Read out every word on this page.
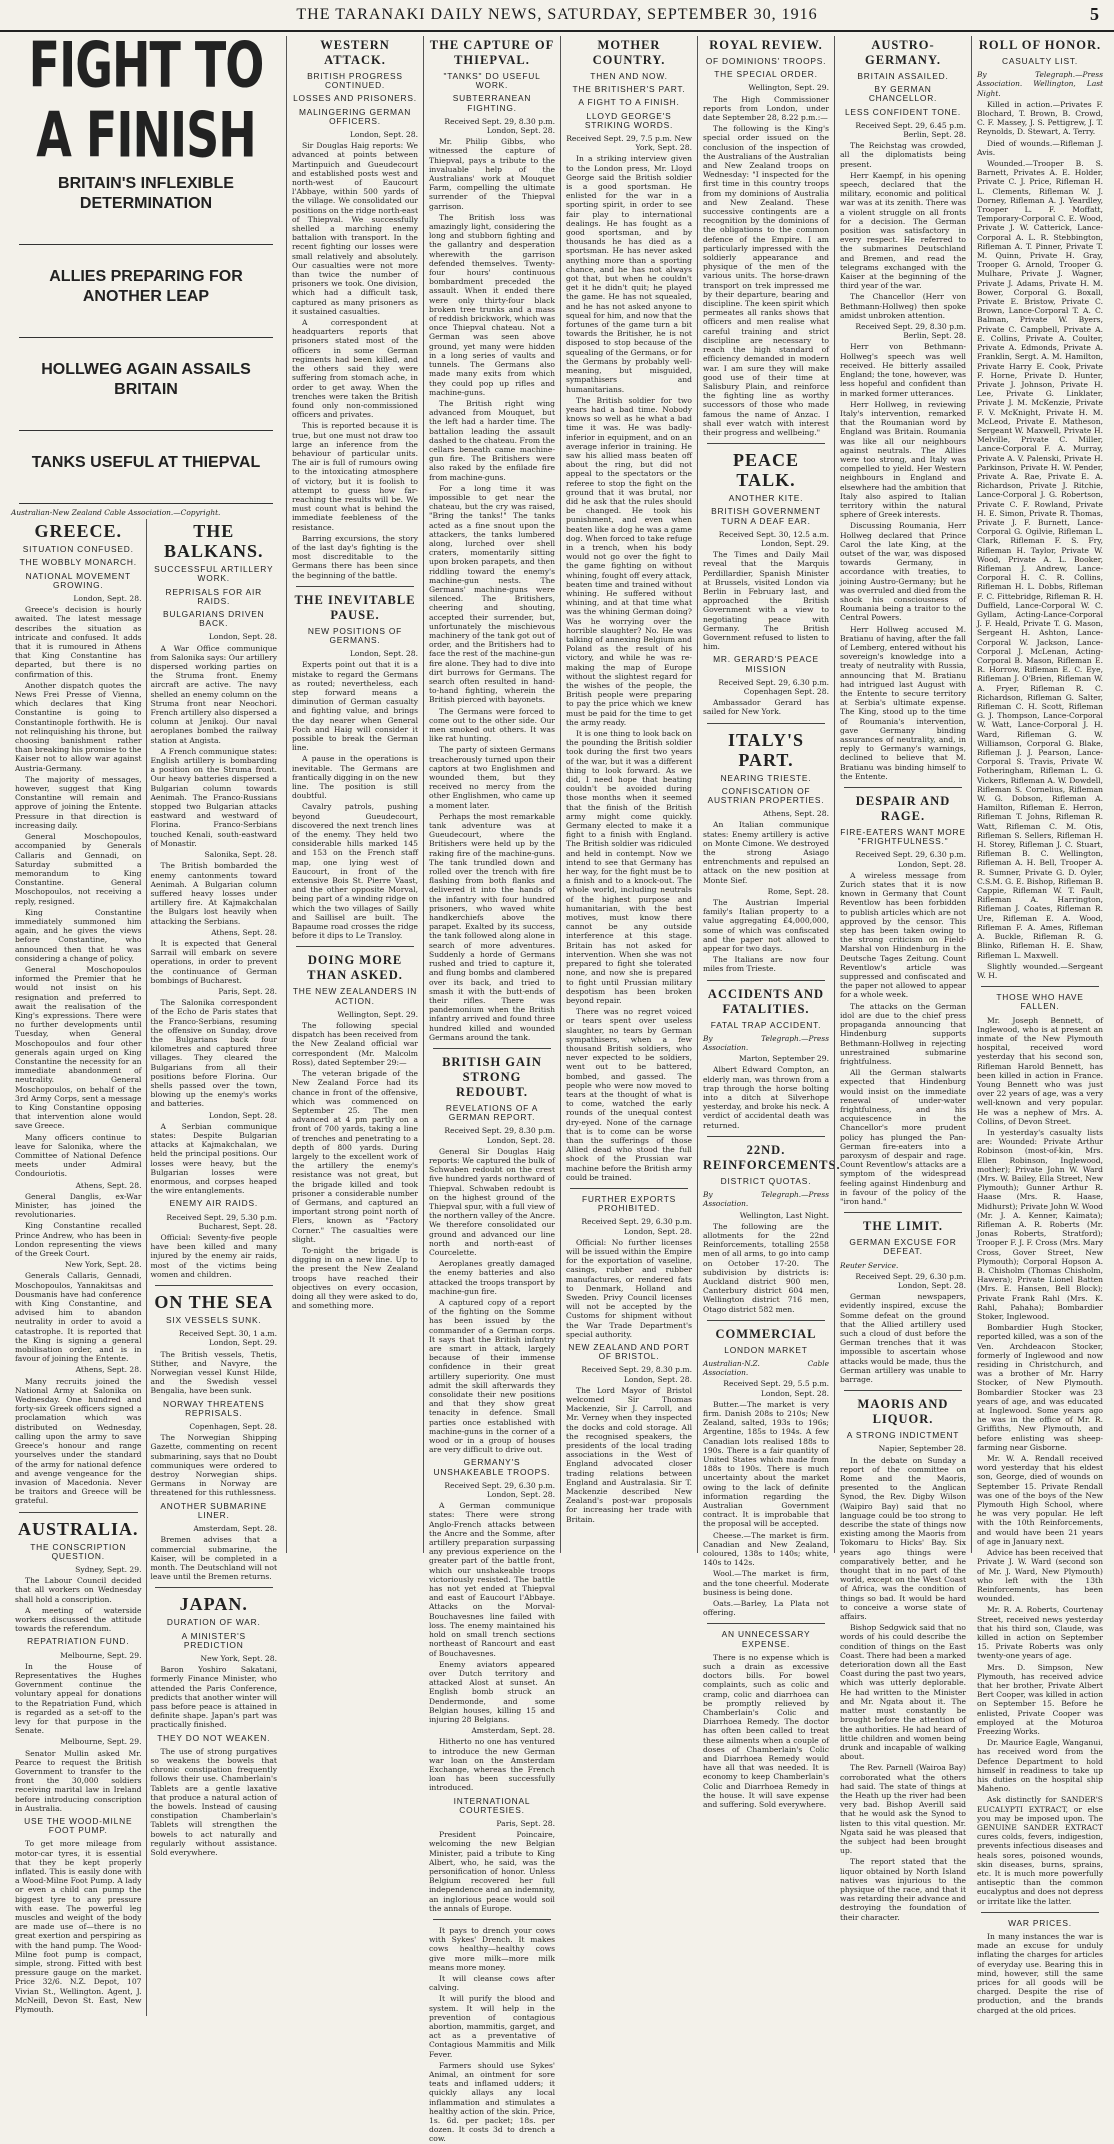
THE TARANAKI DAILY NEWS, SATURDAY, SEPTEMBER 30, 1916	5
FIGHT TO A FINISH
BRITAIN'S INFLEXIBLE DETERMINATION
ALLIES PREPARING FOR ANOTHER LEAP
HOLLWEG AGAIN ASSAILS BRITAIN
TANKS USEFUL AT THIEPVAL
Australian-New Zealand Cable Association.—Copyright.
GREECE.
SITUATION CONFUSED.
THE WOBBLY MONARCH.
NATIONAL MOVEMENT GROWING.
London, Sept. 28.

Greece's decision is hourly awaited. The latest message describes the situation as intricate and confused. It adds that it is rumoured in Athens that King Constantine has departed, but there is no confirmation of this.

Another dispatch quotes the News Frei Presse of Vienna, which declares that King Constantine is going to Constantinople forthwith. He is not relinquishing his throne, but choosing banishment rather than breaking his promise to the Kaiser not to allow war against Austria-Germany.

The majority of messages, however, suggest that King Constantine will remain and approve of joining the Entente. Pressure in that direction is increasing daily.

General Moschopoulos, accompanied by Generals Callaris and Gennadi, on Saturday submitted a memorandum to King Constantine. General Moschopoulos, not receiving a reply, resigned.

King Constantine immediately summoned him again, and he gives the views before Constantine, who announced then that he was considering a change of policy.

General Moschopoulos informed the Premier that he would not insist on his resignation and preferred to await the realisation of the King's expressions. There were no further developments until Tuesday, when General Moschopoulos and four other generals again urged on King Constantine the necessity for an immediate abandonment of neutrality. General Moschopoulos, on behalf of the 3rd Army Corps, sent a message to King Constantine opposing that intervention alone would save Greece.

Many officers continue to leave for Salonika, where the Committee of National Defence meets under Admiral Condouriotis.

Athens, Sept. 28.

General Danglis, ex-War Minister, has joined the revolutionaries.

King Constantine recalled Prince Andrew, who has been in London representing the views of the Greek Court.

New York, Sept. 28.

Generals Callaris, Gennadi, Moschopoulos, Yannakitsas and Dousmanis have had conference with King Constantine, and advised him to abandon neutrality in order to avoid a catastrophe. It is reported that the King is signing a general mobilisation order, and is in favour of joining the Entente.

Athens, Sept. 28.

Many recruits joined the National Army at Salonika on Wednesday. One hundred and forty-six Greek officers signed a proclamation which was distributed on Wednesday, calling upon the army to save Greece's honour and range yourselves under the standard of the army for national defence and avenge vengeance for the invasion of Macedonia. Never be traitors and Greece will be grateful.

AUSTRALIA.
THE CONSCRIPTION QUESTION.
Sydney, Sept. 29.

The Labour Council decided that all workers on Wednesday shall hold a conscription.

A meeting of waterside workers discussed the attitude towards the referendum.

REPATRIATION FUND.
Melbourne, Sept. 29.

In the House of Representatives the Hughes Government continue the voluntary appeal for donations to the Repatriation Fund, which is regarded as a set-off to the levy for that purpose in the Senate.

Melbourne, Sept. 29.

Senator Mullin asked Mr. Pearce to request the British Government to transfer to the front the 30,000 soldiers receiving marital law in Ireland before introducing conscription in Australia.

USE THE WOOD-MILNE FOOT PUMP.

To get more mileage from motor-car tyres, it is essential that they be kept properly inflated. This is easily done with a Wood-Milne Foot Pump. A lady or even a child can pump the biggest tyre to any pressure with ease. The powerful leg muscles and weight of the body are made use of—there is no great exertion and perspiring as with the hand pump. The Wood-Milne foot pump is compact, simple, strong. Fitted with best pressure gauge on the market. Price 32/6. N.Z. Depot, 107 Vivian St., Wellington. Agent, J. McNeill, Devon St. East, New Plymouth.

THE BALKANS.
SUCCESSFUL ARTILLERY WORK.
REPRISALS FOR AIR RAIDS.
BULGARIANS DRIVEN BACK.
London, Sept. 28.

A War Office communique from Salonika says: Our artillery dispersed working parties on the Struma front. Enemy aircraft are active. The navy shelled an enemy column on the Struma front near Neochori. French artillery also dispersed a column at Jenikoj. Our naval aeroplanes bombed the railway station at Angista.

A French communique states: English artillery is bombarding a position on the Struma front. Our heavy batteries dispersed a Bulgarian column towards Aenimah. The Franco-Russians stopped two Bulgarian attacks eastward and westward of Florina. Franco-Serbians touched Kenali, south-eastward of Monastir.

Salonika, Sept. 28.

The British bombarded the enemy cantonments toward Aenimah. A Bulgarian column suffered heavy losses under artillery fire. At Kajmakchalan the Bulgars lost heavily when attacking the Serbians.

Athens, Sept. 28.

It is expected that General Sarrail will embark on severe operations, in order to prevent the continuance of German bombings of Bucharest.

Paris, Sept. 28.

The Salonika correspondent of the Echo de Paris states that the Franco-Serbians, resuming the offensive on Sunday, drove the Bulgarians back four kilometres and captured three villages. They cleared the Bulgarians from all their positions before Florina. Our shells passed over the town, blowing up the enemy's works and batteries.

London, Sept. 28.

A Serbian communique states: Despite Bulgarian attacks at Kajmakchalan, we held the principal positions. Our losses were heavy, but the Bulgarian losses were enormous, and corpses heaped the wire entanglements.

ENEMY AIR RAIDS.
Received Sept. 29, 5.30 p.m. Bucharest, Sept. 28.

Official: Seventy-five people have been killed and many injured by the enemy air raids, most of the victims being women and children.

ON THE SEA
SIX VESSELS SUNK.
Received Sept. 30, 1 a.m. London, Sept. 29.

The British vessels, Thetis, Stither, and Navyre, the Norwegian vessel Kunst Hilde, and the Swedish vessel Bengalia, have been sunk.

NORWAY THREATENS REPRISALS.
Copenhagen, Sept. 28.

The Norwegian Shipping Gazette, commenting on recent submarining, says that no Doubt communiques were ordered to destroy Norwegian ships. Germans in Norway are threatened for this ruthlessness.

ANOTHER SUBMARINE LINER.
Amsterdam, Sept. 28.

Bremen advises that a commercial submarine, the Kaiser, will be completed in a month. The Deutschland will not leave until the Bremen returns.

JAPAN.
DURATION OF WAR.
A MINISTER'S PREDICTION
New York, Sept. 28.

Baron Yoshiro Sakatani, formerly Finance Minister, who attended the Paris Conference, predicts that another winter will pass before peace is attained in definite shape. Japan's part was practically finished.

THEY DO NOT WEAKEN.

The use of strong purgatives so weakens the bowels that chronic constipation frequently follows their use. Chamberlain's Tablets are a gentle laxative that produce a natural action of the bowels. Instead of causing constipation Chamberlain's Tablets will strengthen the bowels to act naturally and regularly without assistance. Sold everywhere.

WESTERN ATTACK.
BRITISH PROGRESS CONTINUED.
LOSSES AND PRISONERS.
MALINGERING GERMAN OFFICERS.
London, Sept. 28.

Sir Douglas Haig reports: We advanced at points between Martinpuich and Gueudecourt and established posts west and north-west of Eaucourt l'Abbaye, within 500 yards of the village. We consolidated our positions on the ridge north-east of Thiepval. We successfully shelled a marching enemy battalion with transport. In the recent fighting our losses were small relatively and absolutely. Our casualties were not more than twice the number of prisoners we took. One division, which had a difficult task, captured as many prisoners as it sustained casualties.

A correspondent at headquarters reports that prisoners stated most of the officers in some German regiments had been killed, and the others said they were suffering from stomach ache, in order to get away. When the trenches were taken the British found only non-commissioned officers and privates.

This is reported because it is true, but one must not draw too large an inference from the behaviour of particular units. The air is full of rumours owing to the intoxicating atmosphere of victory, but it is foolish to attempt to guess how far-reaching the results will be. We must count what is behind the immediate feebleness of the resistance.

Barring excursions, the story of the last day's fighting is the most discreditable to the Germans there has been since the beginning of the battle.

THE INEVITABLE PAUSE.
NEW POSITIONS OF GERMANS.
London, Sept. 28.

Experts point out that it is a mistake to regard the Germans as routed; nevertheless, each step forward means a diminution of German casualty and fighting value, and brings the day nearer when General Foch and Haig will consider it possible to break the German line.

A pause in the operations is inevitable. The Germans are frantically digging in on the new line. The position is still doubtful.

Cavalry patrols, pushing beyond Gueudecourt, discovered the next trench lines of the enemy. They held two considerable hills marked 145 and 153 on the French staff map, one lying west of Eaucourt, in front of the extensive Bois St. Pierre Vaast, and the other opposite Morval, being part of a winding ridge on which the two villages of Sailly and Saillisel are built. The Bapaume road crosses the ridge before it dips to Le Transloy.

DOING MORE THAN ASKED.
THE NEW ZEALANDERS IN ACTION.
Wellington, Sept. 29.

The following special dispatch has been received from the New Zealand official war correspondent (Mr. Malcolm Ross), dated September 29:—

The veteran brigade of the New Zealand Force had its chance in front of the offensive, which was commenced on September 25. The men advanced at 4 pm partly on a front of 700 yards, taking a line of trenches and penetrating to a depth of 800 yards. During largely to the excellent work of the artillery the enemy's resistance was not great, but the brigade killed and took prisoner a considerable number of Germans, and captured an important strong point north of Flers, known as "Factory Corner." The casualties were slight.

To-night the brigade is digging in on a new line. Up to the present the New Zealand troops have reached their objectives on every occasion, doing all they were asked to do, and something more.

THE CAPTURE OF THIEPVAL.
"TANKS" DO USEFUL WORK.
SUBTERRANEAN FIGHTING.
Received Sept. 29, 8.30 p.m. London, Sept. 28.

Mr. Philip Gibbs, who witnessed the capture of Thiepval, pays a tribute to the invaluable help of the Australians' work at Mouquet Farm, compelling the ultimate surrender of the Thiepval garrison.

The British loss was amazingly light, considering the long and stubborn fighting and the gallantry and desperation wherewith the garrison defended themselves. Twenty-four hours' continuous bombardment preceded the assault. When it ended there were only thirty-four black broken tree trunks and a mass of reddish brickwork, which was once Thiepval chateau. Not a German was seen above ground, yet many were hidden in a long series of vaults and tunnels. The Germans also made many exits from which they could pop up rifles and machine-guns.

The British right wing advanced from Mouquet, but the left had a harder time. The battalion leading the assault dashed to the chateau. From the cellars beneath came machine-gun fire. The Britishers were also raked by the enfilade fire from machine-guns.

For a long time it was impossible to get near the chateau, but the cry was raised, "Bring the tanks!" The tanks acted as a fine snout upon the attackers, the tanks lumbered along, lurched over shell craters, momentarily sitting upon broken parapets, and then riddling toward the enemy's machine-gun nests. The Germans' machine-guns were silenced. The Britishers, cheering and shouting, accepted their surrender, but, unfortunately the mischievous machinery of the tank got out of order, and the Britishers had to face the rest of the machine-gun fire alone. They had to dive into dirt burrows for Germans. The search often resulted in hand-to-hand fighting, wherein the British pierced with bayonets.

The Germans were forced to come out to the other side. Our men smoked out others. It was like rat hunting.

The party of sixteen Germans treacherously turned upon their captors at two Englishmen and wounded them, but they received no mercy from the other Englishmen, who came up a moment later.

Perhaps the most remarkable tank adventure was at Gueudecourt, where the Britishers were held up by the raking fire of the machine-guns. The tank trundled down and rolled over the trench with fire flashing from both flanks and delivered it into the hands of the infantry with four hundred prisoners, who waved white handkerchiefs above the parapet. Exalted by its success, the tank followed along alone in search of more adventures. Suddenly a horde of Germans rushed and tried to capture it, and flung bombs and clambered over its back, and tried to smash it with the butt-ends of their rifles. There was pandemonium when the British infantry arrived and found three hundred killed and wounded Germans around the tank.

BRITISH GAIN STRONG REDOUBT.
REVELATIONS OF A GERMAN REPORT.
Received Sept. 29, 8.30 p.m. London, Sept. 28.

General Sir Douglas Haig reports: We captured the bulk of Schwaben redoubt on the crest five hundred yards northward of Thiepval. Schwaben redoubt is on the highest ground of the Thiepval spur, with a full view of the northern valley of the Ancre. We therefore consolidated our ground and advanced our line north and north-east of Courcelette.

Aeroplanes greatly damaged the enemy batteries and also attacked the troops transport by machine-gun fire.

A captured copy of a report of the fighting on the Somme has been issued by the commander of a German corps. It says that the British infantry are smart in attack, largely because of their immense confidence in their great artillery superiority. One must admit the skill afterwards they consolidate their new positions and that they show great tenacity in defence. Small parties once established with machine-guns in the corner of a wood or in a group of houses are very difficult to drive out.

GERMANY'S UNSHAKEABLE TROOPS.
Received Sept. 29, 6.30 p.m. London, Sept. 28.

A German communique states: There were strong Anglo-French attacks between the Ancre and the Somme, after artillery preparation surpassing any previous experience on the greater part of the battle front, which our unshakeable troops victoriously resisted. The battle has not yet ended at Thiepval and east of Eaucourt l'Abbaye. Attacks on the Morval-Bouchavesnes line failed with loss. The enemy maintained his hold on small trench sections northeast of Rancourt and east of Bouchavesnes.

Enemy aviators appeared over Dutch territory and attacked Alost at sunset. An English bomb struck an Dendermonde, and some Belgian houses, killing 15 and injuring 28 Belgians.

Amsterdam, Sept. 28.

Hitherto no one has ventured to introduce the new German war loan on the Amsterdam Exchange, whereas the French loan has been successfully introduced.

INTERNATIONAL COURTESIES.
Paris, Sept. 28.

President Poincaire, welcoming the new Belgian Minister, paid a tribute to King Albert, who, he said, was the personification of honor. Unless Belgium recovered her full independence and an indemnity, an inglorious peace would soil the annals of Europe.

It pays to drench your cows with Sykes' Drench. It makes cows healthy—healthy cows give more milk—more milk means more money.

It will cleanse cows after calving.

It will purify the blood and system. It will help in the prevention of contagious abortion, mammitis, garget, and act as a preventative of Contagious Mammitis and Milk Fever.

Farmers should use Sykes' Animal, an ointment for sore teats and inflamed udders; it quickly allays any local inflammation and stimulates a healthy action of the skin. Price, 1s. 6d. per packet; 18s. per dozen. It costs 3d to drench a cow.

MOTHER COUNTRY.
THEN AND NOW.
THE BRITISHER'S PART.
A FIGHT TO A FINISH.
LLOYD GEORGE'S STRIKING WORDS.
Received Sept. 29, 7.5 p.m. New York, Sept. 28.

In a striking interview given to the London press, Mr. Lloyd George said the British soldier is a good sportsman. He enlisted for the war in a sporting spirit, in order to see fair play to international dealings. He has fought as a good sportsman, and by thousands he has died as a sportsman. He has never asked anything more than a sporting chance, and he has not always got that, but when he couldn't get it he didn't quit; he played the game. He has not squealed, and he has not asked anyone to squeal for him, and now that the fortunes of the game turn a bit towards the Britisher, he is not disposed to stop because of the squealing of the Germans, or for the Germans by probably well-meaning, but misguided, sympathisers and humanitarians.

The British soldier for two years had a bad time. Nobody knows so well as he what a bad time it was. He was badly-inferior in equipment, and on an average inferior in training. He saw his allied mass beaten off about the ring, but did not appeal to the spectators or the referee to stop the fight on the ground that it was brutal, nor did he ask that the rules should be changed. He took his punishment, and even when beaten like a dog he was a game dog. When forced to take refuge in a trench, when his body would not go over the fight to the game fighting on without whining, fought off every attack, beaten time and trained without whining. He suffered without whining, and at that time what was the whining German doing? Was he worrying over the horrible slaughter? No. He was talking of annexing Belgium and Poland as the result of his victory, and while he was re-making the map of Europe without the slightest regard for the wishes of the people, the British people were preparing to pay the price which we knew must be paid for the time to get the army ready.

It is one thing to look back on the pounding the British soldier took during the first two years of the war, but it was a different thing to look forward. As we did, I need hope that beating couldn't be avoided during those months when it seemed that the finish of the British army might come quickly. Germany elected to make it a fight to a finish with England. The British soldier was ridiculed and held in contempt. Now we intend to see that Germany has her way, for the fight must be to a finish and to a knock-out. The whole world, including neutrals of the highest purpose and humanitarian, with the best motives, must know there cannot be any outside interference at this stage. Britain has not asked for intervention. When she was not prepared to fight she tolerated none, and now she is prepared to fight until Prussian military despotism has been broken beyond repair.

There was no regret voiced or tears spent over useless slaughter, no tears by German sympathisers, when a few thousand British soldiers, who never expected to be soldiers, went out to be battered, bombed, and gassed. The people who were now moved to tears at the thought of what is to come, watched the early rounds of the unequal contest dry-eyed. None of the carnage that is to come can be worse than the sufferings of those Allied dead who stood the full shock of the Prussian war machine before the British army could be trained.

FURTHER EXPORTS PROHIBITED.
Received Sept. 29, 6.30 p.m. London, Sept. 28.

Official: No further licenses will be issued within the Empire for the exportation of vaseline, casings, rubber and rubber manufactures, or rendered fats to Denmark, Holland and Sweden. Privy Council licenses will not be accepted by the Customs for shipment without the War Trade Department's special authority.

NEW ZEALAND AND PORT OF BRISTOL.
Received Sept. 29, 8.30 p.m. London, Sept. 28.

The Lord Mayor of Bristol welcomed Sir Thomas Mackenzie, Sir J. Carroll, and Mr. Verney when they inspected the docks and cold storage. All the recognised speakers, the presidents of the local trading associations in the West of England advocated closer trading relations between England and Australasia. Sir T. Mackenzie described New Zealand's post-war proposals for increasing her trade with Britain.

ROYAL REVIEW.
OF DOMINIONS' TROOPS.
THE SPECIAL ORDER.
Wellington, Sept. 29.

The High Commissioner reports from London, under date September 28, 8.22 p.m.:—

The following is the King's special order issued on the conclusion of the inspection of the Australians of the Australian and New Zealand troops on Wednesday: "I inspected for the first time in this country troops from my dominions of Australia and New Zealand. These successive contingents are a recognition by the dominions of the obligations to the common defence of the Empire. I am particularly impressed with the soldierly appearance and physique of the men of the various units. The horse-drawn transport on trek impressed me by their departure, bearing and discipline. The keen spirit which permeates all ranks shows that officers and men realise what careful training and strict discipline are necessary to reach the high standard of efficiency demanded in modern war. I am sure they will make good use of their time at Salisbury Plain, and reinforce the fighting line as worthy successors of those who made famous the name of Anzac. I shall ever watch with interest their progress and wellbeing."

PEACE TALK.
ANOTHER KITE.
BRITISH GOVERNMENT TURN A DEAF EAR.
Received Sept. 30, 12.5 a.m. London, Sept. 29.

The Times and Daily Mail reveal that the Marquis Perdillardier, Spanish Minister at Brussels, visited London via Berlin in February last, and approached the British Government with a view to negotiating peace with Germany. The British Government refused to listen to him.

MR. GERARD'S PEACE MISSION
Received Sept. 29, 6.30 p.m. Copenhagen Sept. 28.

Ambassador Gerard has sailed for New York.

ITALY'S PART.
NEARING TRIESTE.
CONFISCATION OF AUSTRIAN PROPERTIES.
Athens, Sept. 28.

An Italian communique states: Enemy artillery is active on Monte Cimone. We destroyed the strong Asiago entrenchments and repulsed an attack on the new position at Monte Sief.

Rome, Sept. 28.

The Austrian Imperial family's Italian property to a value aggregating £4,000,000, some of which was confiscated and the paper not allowed to appear for two days.

The Italians are now four miles from Trieste.

ACCIDENTS AND FATALITIES.
FATAL TRAP ACCIDENT.
By Telegraph.—Press Association.
Marton, September 29.

Albert Edward Compton, an elderly man, was thrown from a trap through the horse bolting into a ditch at Silverhope yesterday, and broke his neck. A verdict of accidental death was returned.

22ND. REINFORCEMENTS.
DISTRICT QUOTAS.
By Telegraph.—Press Association.
Wellington, Last Night.

The following are the allotments for the 22nd Reinforcements, totalling 2558 men of all arms, to go into camp on October 17-20. The subdivision by districts is: Auckland district 900 men, Canterbury district 604 men, Wellington district 716 men, Otago district 582 men.

COMMERCIAL
LONDON MARKET
Australian-N.Z. Cable Association.
Received Sept. 29, 5.5 p.m. London, Sept. 28.

Butter.—The market is very firm. Danish 208s to 210s; New Zealand, salted, 193s to 196s; Argentine, 185s to 194s. A few Canadian lots realised 188s to 190s. There is a fair quantity of United States which made from 188s to 190s. There is much uncertainty about the market owing to the lack of definite information regarding the Australian Government contract. It is improbable that the proposal will be accepted.

Cheese.—The market is firm. Canadian and New Zealand, coloured, 138s to 140s; white, 140s to 142s.

Wool.—The market is firm, and the tone cheerful. Moderate business is being done.

Oats.—Barley, La Plata not offering.

AN UNNECESSARY EXPENSE.

There is no expense which is such a drain as excessive doctors bills. For bowel complaints, such as colic and cramp, colic and diarrhoea can be promptly relieved by Chamberlain's Colic and Diarrhoea Remedy. The doctor has often been called to treat these ailments when a couple of doses of Chamberlain's Colic and Diarrhoea Remedy would have all that was needed. It is economy to keep Chamberlain's Colic and Diarrhoea Remedy in the house. It will save expense and suffering. Sold everywhere.

AUSTRO-GERMANY.
BRITAIN ASSAILED.
BY GERMAN CHANCELLOR.
LESS CONFIDENT TONE.
Received Sept. 29, 6.45 p.m. Berlin, Sept. 28.

The Reichstag was crowded, all the diplomatists being present.

Herr Kaempf, in his opening speech, declared that the military, economic and political war was at its zenith. There was a violent struggle on all fronts for a decision. The German position was satisfactory in every respect. He referred to the submarines Deutschland and Bremen, and read the telegrams exchanged with the Kaiser at the beginning of the third year of the war.

The Chancellor (Herr von Bethmann-Hollweg) then spoke amidst unbroken attention.

Received Sept. 29, 8.30 p.m. Berlin, Sept. 28.

Herr von Bethmann-Hollweg's speech was well received. He bitterly assailed England; the tone, however, was less hopeful and confident than in marked former utterances.

Herr Hollweg, in reviewing Italy's intervention, remarked that the Roumanian word by England was Britain. Roumania was like all our neighbours against neutrals. The Allies were too strong, and Italy was compelled to yield. Her Western neighbours in England and elsewhere had the ambition that Italy also aspired to Italian territory within the natural sphere of Greek interests.

Discussing Roumania, Herr Hollweg declared that Prince Carol the late King, at the outset of the war, was disposed towards Germany, in accordance with treaties, to joining Austro-Germany; but he was overruled and died from the shock his consciousness of Roumania being a traitor to the Central Powers.

Herr Hollweg accused M. Bratianu of having, after the fall of Lemberg, entered without his sovereign's knowledge into a treaty of neutrality with Russia, announcing that M. Bratianu had intrigued last August with the Entente to secure territory at Serbia's ultimate expense. The King, stood up to the time of Roumania's intervention, gave Germany binding assurances of neutrality, and, in reply to Germany's warnings, declined to believe that M. Bratianu was binding himself to the Entente.

DESPAIR AND RAGE.
FIRE-EATERS WANT MORE "FRIGHTFULNESS."
Received Sept. 29, 6.30 p.m. London, Sept. 28.

A wireless message from Zurich states that it is now known in Germany that Count Reventlow has been forbidden to publish articles which are not approved by the censor. This step has been taken owing to the strong criticism on Field-Marshal von Hindenburg in the Deutsche Tages Zeitung. Count Reventlow's article was suppressed and confiscated and the paper not allowed to appear for a whole week.

The attacks on the German idol are due to the chief press propaganda announcing that Hindenburg supports Bethmann-Hollweg in rejecting unrestrained submarine frightfulness.

All the German stalwarts expected that Hindenburg would insist on the immediate renewal of under-water frightfulness, and his acquiescence in the Chancellor's more prudent policy has plunged the Pan-German fire-eaters into a paroxysm of despair and rage. Count Reventlow's attacks are a symptom of the widespread feeling against Hindenburg and in favour of the policy of the "iron hand."

THE LIMIT.
GERMAN EXCUSE FOR DEFEAT.
Reuter Service.
Received Sept. 29, 6.30 p.m. London, Sept. 28.

German newspapers, evidently inspired, excuse the Somme defeat on the ground that the Allied artillery used such a cloud of dust before the German trenches that it was impossible to ascertain whose attacks would be made, thus the German artillery was unable to barrage.

MAORIS AND LIQUOR.
A STRONG INDICTMENT
Napier, September 28.

In the debate on Sunday a report of the committee on Rome and the Maoris, presented to the Anglican Synod, the Rev. Digby Wilson (Waipiro Bay) said that no language could be too strong to describe the state of things now existing among the Maoris from Tokomaru to Hicks' Bay. Six years ago things were comparatively better, and he thought that in no part of the world, except on the West Coast of Africa, was the condition of things so bad. It would be hard to conceive a worse state of affairs.

Bishop Sedgwick said that no words of his could describe the condition of things on the East Coast. There had been a marked deterioration down all the East Coast during the past two years, which was utterly deplorable. He had written to the Minister and Mr. Ngata about it. The matter must constantly be brought before the attention of the authorities. He had heard of little children and women being drunk and incapable of walking about.

The Rev. Parnell (Wairoa Bay) corroborated what the others had said. The state of things at the Heath up the river had been very bad. Bishop Averill said that he would ask the Synod to listen to this vital question. Mr. Ngata said he was pleased that the subject had been brought up.

The report stated that the liquor obtained by North Island natives was injurious to the physique of the race, and that it was retarding their advance and destroying the foundation of their character.

ROLL OF HONOR.
CASUALTY LIST.
By Telegraph.—Press Association. Wellington, Last Night.

Killed in action.—Privates F. Blochard, T. Brown, B. Crowd, C. F. Massey, J. S. Pettigrew, J. T. Reynolds, D. Stewart, A. Terry.

Died of wounds.—Rifleman J. Avis.

Wounded.—Trooper B. S. Barnett, Privates A. E. Holder, Private C. J. Price, Rifleman H. L. Clements, Rifleman W. J. Dorney, Rifleman A. J. Yeardley, Trooper L. F. Moffatt, Temporary-Corporal C. E. Wood, Private J. W. Catterick, Lance-Corporal A. L. R. Stebbington, Rifleman A. T. Pinner, Private T. M. Quinn, Private H. Gray, Trooper G. Arnold, Trooper G. Mulhare, Private J. Wagner, Private J. Adams, Private H. M. Bower, Corporal G. Boxall, Private E. Bristow, Private C. Brown, Lance-Corporal T. A. C. Balman, Private W. Byers, Private C. Campbell, Private A. E. Collins, Private A. Coulter, Private A. Edmonds, Private A. Franklin, Sergt. A. M. Hamilton, Private Harry E. Cook, Private F. Horne, Private D. Hunter, Private J. Johnson, Private H. Lee, Private G. Linklater, Private J. M. McKenzie, Private F. V. McKnight, Private H. M. McLeod, Private E. Matheson, Sergeant W. Maxwell, Private H. Melville, Private C. Miller, Lance-Corporal F. A. Murray, Private A. V. Palenski, Private H. Parkinson, Private H. W. Pender, Private A. Rae, Private E. A. Richardson, Private J. Ritchie, Lance-Corporal J. G. Robertson, Private C. F. Rowland, Private H. E. Simon, Private R. Thomas, Private J. F. Burnett, Lance-Corporal G. Ogilvie, Rifleman L. Clark, Rifleman F. S. Fry, Rifleman H. Taylor, Private W. Wood, Private A. L. Booker, Rifleman J. Andrew, Lance-Corporal H. C. R. Collins, Rifleman H. L. Dobbs, Rifleman F. C. Fittebridge, Rifleman R. H. Duffield, Lance-Corporal W. C. Gyllam, Acting-Lance-Corporal J. F. Heald, Private T. G. Mason, Sergeant H. Ashton, Lance-Corporal W. Jackson, Lance-Corporal J. McLenan, Acting-Corporal B. Mason, Rifleman E. R. Horrow, Rifleman E. C. Eye, Rifleman J. O'Brien, Rifleman W. A. Fryer, Rifleman R. C. Richardson, Rifleman G. Salter, Rifleman C. H. Scott, Rifleman G. J. Thompson, Lance-Corporal W. Watt, Lance-Corporal J. H. Ward, Rifleman G. W. Williamson, Corporal G. Blake, Rifleman J. J. Pearson, Lance-Corporal S. Travis, Private W. Fotheringham, Rifleman L. G. Vickers, Rifleman A. W. Dowdell, Rifleman S. Cornelius, Rifleman W. G. Dobson, Rifleman A. Hamilton, Rifleman E. Herron, Rifleman T. Johns, Rifleman R. Watt, Rifleman C. M. Otis, Rifleman S. Sellers, Rifleman H. H. Storey, Rifleman J. C. Stuart, Rifleman B. C. Wellington, Rifleman A. H. Bell, Trooper A. R. Sumner, Private G. D. Oyler, C.S.M. G. E. Bishop, Rifleman B. Cappie, Rifleman W. T. Fault, Rifleman A. Harrington, Rifleman J. Coates, Rifleman R. Ure, Rifleman E. A. Wood, Rifleman F. A. Ames, Rifleman A. Buckle, Rifleman R. G. Blinko, Rifleman H. E. Shaw, Rifleman L. Maxwell.

Slightly wounded.—Sergeant W. H.

THOSE WHO HAVE FALLEN.

Mr. Joseph Bennett, of Inglewood, who is at present an inmate of the New Plymouth hospital, received word yesterday that his second son, Rifleman Harold Bennett, has been killed in action in France. Young Bennett who was just over 22 years of age, was a very well-known and very popular. He was a nephew of Mrs. A. Collins, of Devon Street.

In yesterday's casualty lists are: Wounded: Private Arthur Robinson (most-of-kin, Mrs. Ellen Robinson, Inglewood, mother); Private John W. Ward (Mrs. W. Bailey, Ella Street, New Plymouth); Gunner Arthur R. Haase (Mrs. R. Haase, Midhurst); Private John W. Wood (Mr. J. A. Kenner, Kaimata); Rifleman A. R. Roberts (Mr. Jonas Roberts, Stratford); Trooper F. J. F. Cross (Mrs. Mary Cross, Gover Street, New Plymouth); Corporal Hopson A. B. Chisholm (Thomas Chisholm, Hawera); Private Lionel Batten (Mrs. E. Hansen, Bell Block); Private Frank Rahl (Mrs. K. Rahl, Pahaha); Bombardier Stoker, Inglewood.

Bombardier Hugh Stocker, reported killed, was a son of the Ven. Archdeacon Stocker, formerly of Inglewood and now residing in Christchurch, and was a brother of Mr. Harry Stocker, of New Plymouth. Bombardier Stocker was 23 years of age, and was educated at Inglewood. Some years ago he was in the office of Mr. R. Griffiths, New Plymouth, and before enlisting was sheep-farming near Gisborne.

Mr. W. A. Rendall received word yesterday that his eldest son, George, died of wounds on September 15. Private Rendall was one of the boys of the New Plymouth High School, where he was very popular. He left with the 10th Reinforcements, and would have been 21 years of age in January next.

Advice has been received that Private J. W. Ward (second son of Mr. J. Ward, New Plymouth) who left with the 13th Reinforcements, has been wounded.

Mr. R. A. Roberts, Courtenay Street, received news yesterday that his third son, Claude, was killed in action on September 15. Private Roberts was only twenty-one years of age.

Mrs. D. Simpson, New Plymouth, has received advice that her brother, Private Albert Bert Cooper, was killed in action on September 15. Before he enlisted, Private Cooper was employed at the Moturoa Freezing Works.

Dr. Maurice Eagle, Wanganui, has received word from the Defence Department to hold himself in readiness to take up his duties on the hospital ship Maheno.

Ask distinctly for SANDER'S EUCALYPTI EXTRACT, or else you may be imposed upon. The GENUINE SANDER EXTRACT cures colds, fevers, indigestion, prevents infectious diseases and heals sores, poisoned wounds, skin diseases, burns, sprains, etc. It is much more powerfully antiseptic than the common eucalyptus and does not depress or irritate like the latter.

WAR PRICES.

In many instances the war is made an excuse for unduly inflating the charges for articles of everyday use. Bearing this in mind, however, still the same prices for all goods will be charged. Despite the rise of production, and the brands charged at the old prices.
